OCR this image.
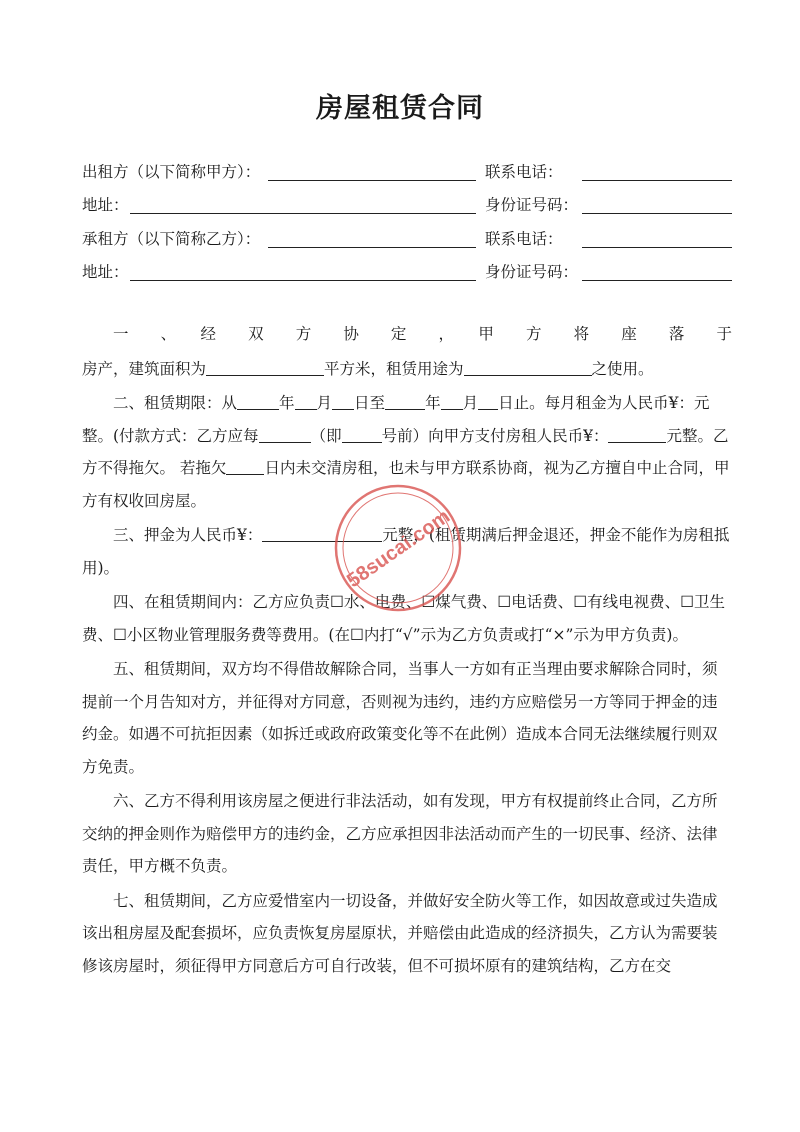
房屋租赁合同
出租方（以下简称甲方）：	联系电话：
地址：	身份证号码：
承租方（以下简称乙方）：	联系电话：
地址：	身份证号码：

一　、　经　双　方　协　定　，　甲　方　将　座　落　于

房产，建筑面积为	平方米，租赁用途为	之使用。

二、租赁期限：从	年 月 日至	年 月 日止。每月租金为人民币¥：元整。(付款方式：乙方应每	（即	号前）向甲方支付房租人民币¥：	元整。乙方不得拖欠。 若拖欠 日内未交清房租，也未与甲方联系协商，视为乙方擅自中止合同，甲方有权收回房屋。

三、押金为人民币¥：	元整，(租赁期满后押金退还，押金不能作为房租抵用)。

四、在租赁期间内：乙方应负责☐水、电费、☐煤气费、☐电话费、☐有线电视费、☐卫生费、☐小区物业管理服务费等费用。(在☐内打“√”示为乙方负责或打“×”示为甲方负责)。

五、租赁期间，双方均不得借故解除合同，当事人一方如有正当理由要求解除合同时，须提前一个月告知对方，并征得对方同意，否则视为违约，违约方应赔偿另一方等同于押金的违约金。如遇不可抗拒因素（如拆迁或政府政策变化等不在此例）造成本合同无法继续履行则双方免责。

六、乙方不得利用该房屋之便进行非法活动，如有发现，甲方有权提前终止合同，乙方所交纳的押金则作为赔偿甲方的违约金，乙方应承担因非法活动而产生的一切民事、经济、法律责任，甲方概不负责。

七、租赁期间，乙方应爱惜室内一切设备，并做好安全防火等工作，如因故意或过失造成该出租房屋及配套损坏，应负责恢复房屋原状，并赔偿由此造成的经济损失，乙方认为需要装修该房屋时，须征得甲方同意后方可自行改装，但不可损坏原有的建筑结构，乙方在交

58sucai.com
